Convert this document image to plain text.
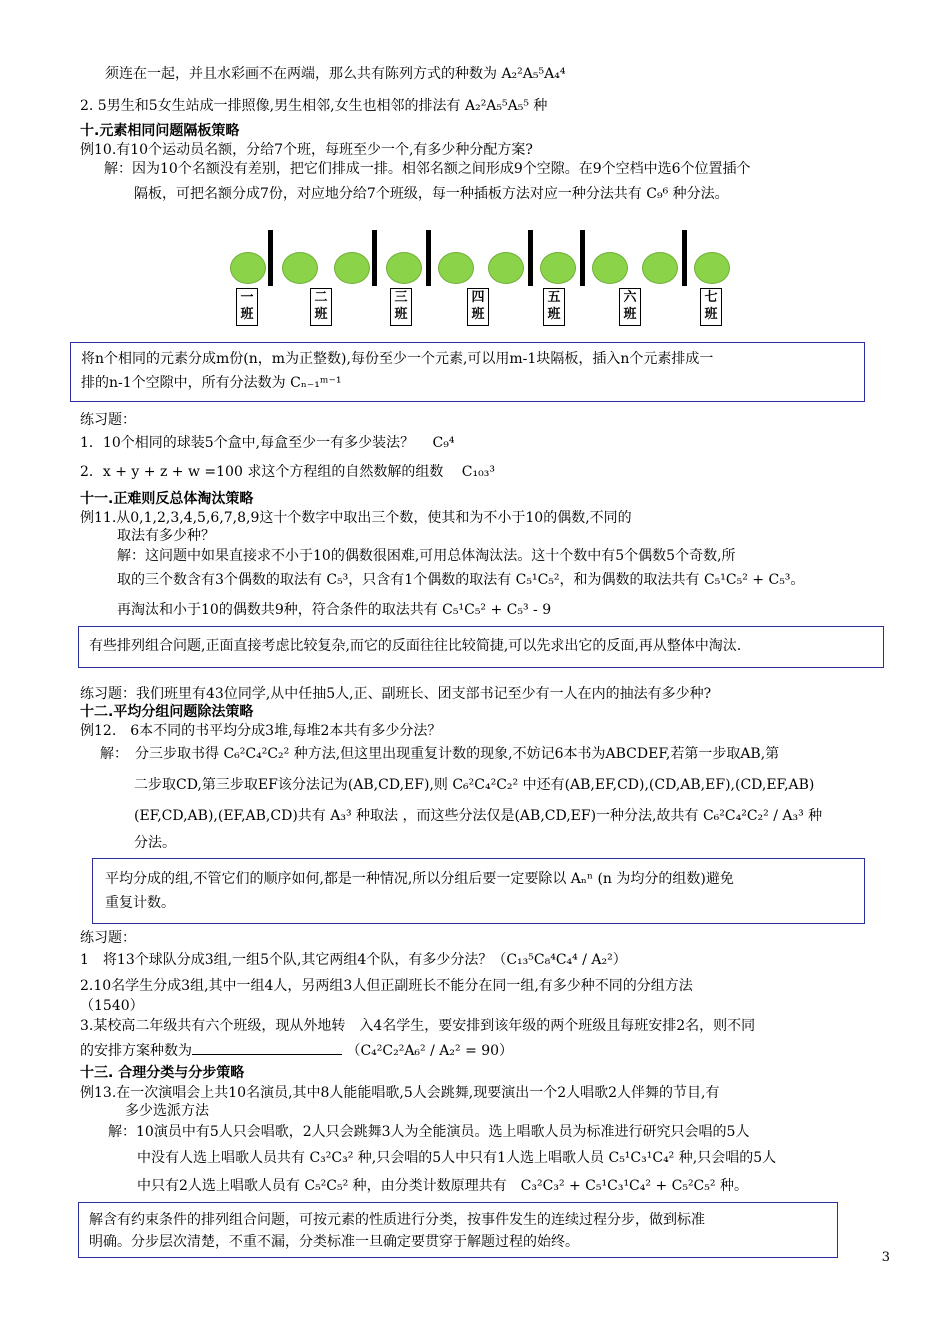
须连在一起，并且水彩画不在两端，那么共有陈列方式的种数为 A₂²A₅⁵A₄⁴
2. 5男生和5女生站成一排照像,男生相邻,女生也相邻的排法有 A₂²A₅⁵A₅⁵ 种
十.元素相同问题隔板策略
例10.有10个运动员名额，分给7个班，每班至少一个,有多少种分配方案?
解：因为10个名额没有差别，把它们排成一排。相邻名额之间形成9个空隙。在9个空档中选6个位置插个
隔板，可把名额分成7份，对应地分给7个班级，每一种插板方法对应一种分法共有 C₉⁶ 种分法。
一
班
二
班
三
班
四
班
五
班
六
班
七
班
将n个相同的元素分成m份(n，m为正整数),每份至少一个元素,可以用m-1块隔板，插入n个元素排成一
排的n-1个空隙中，所有分法数为 Cₙ₋₁ᵐ⁻¹
练习题：
1．10个相同的球装5个盒中,每盒至少一有多少装法？　 C₉⁴
2．x + y + z + w =100 求这个方程组的自然数解的组数　 C₁₀₃³
十一.正难则反总体淘汰策略
例11.从0,1,2,3,4,5,6,7,8,9这十个数字中取出三个数，使其和为不小于10的偶数,不同的
取法有多少种？
解：这问题中如果直接求不小于10的偶数很困难,可用总体淘汰法。这十个数中有5个偶数5个奇数,所
取的三个数含有3个偶数的取法有 C₅³，只含有1个偶数的取法有 C₅¹C₅²，和为偶数的取法共有 C₅¹C₅² + C₅³。
再淘汰和小于10的偶数共9种，符合条件的取法共有 C₅¹C₅² + C₅³ - 9
有些排列组合问题,正面直接考虑比较复杂,而它的反面往往比较简捷,可以先求出它的反面,再从整体中淘汰.
练习题：我们班里有43位同学,从中任抽5人,正、副班长、团支部书记至少有一人在内的抽法有多少种?
十二.平均分组问题除法策略
例12.　6本不同的书平均分成3堆,每堆2本共有多少分法？
解：　分三步取书得 C₆²C₄²C₂² 种方法,但这里出现重复计数的现象,不妨记6本书为ABCDEF,若第一步取AB,第
二步取CD,第三步取EF该分法记为(AB,CD,EF),则 C₆²C₄²C₂² 中还有(AB,EF,CD),(CD,AB,EF),(CD,EF,AB)
(EF,CD,AB),(EF,AB,CD)共有 A₃³ 种取法 ，而这些分法仅是(AB,CD,EF)一种分法,故共有 C₆²C₄²C₂² / A₃³ 种
分法。
平均分成的组,不管它们的顺序如何,都是一种情况,所以分组后要一定要除以 Aₙⁿ (n 为均分的组数)避免
重复计数。
练习题：
1　将13个球队分成3组,一组5个队,其它两组4个队，有多少分法？（C₁₃⁵C₈⁴C₄⁴ / A₂²）
2.10名学生分成3组,其中一组4人，另两组3人但正副班长不能分在同一组,有多少种不同的分组方法
（1540）
3.某校高二年级共有六个班级，现从外地转　入4名学生，要安排到该年级的两个班级且每班安排2名，则不同
的安排方案种数为	（C₄²C₂²A₆² / A₂² = 90）
十三. 合理分类与分步策略
例13.在一次演唱会上共10名演员,其中8人能能唱歌,5人会跳舞,现要演出一个2人唱歌2人伴舞的节目,有
多少选派方法
解：10演员中有5人只会唱歌，2人只会跳舞3人为全能演员。选上唱歌人员为标准进行研究只会唱的5人
中没有人选上唱歌人员共有 C₃²C₃² 种,只会唱的5人中只有1人选上唱歌人员 C₅¹C₃¹C₄² 种,只会唱的5人
中只有2人选上唱歌人员有 C₅²C₅² 种，由分类计数原理共有　C₃²C₃² + C₅¹C₃¹C₄² + C₅²C₅² 种。
解含有约束条件的排列组合问题，可按元素的性质进行分类，按事件发生的连续过程分步，做到标准
明确。分步层次清楚，不重不漏，分类标准一旦确定要贯穿于解题过程的始终。
3
